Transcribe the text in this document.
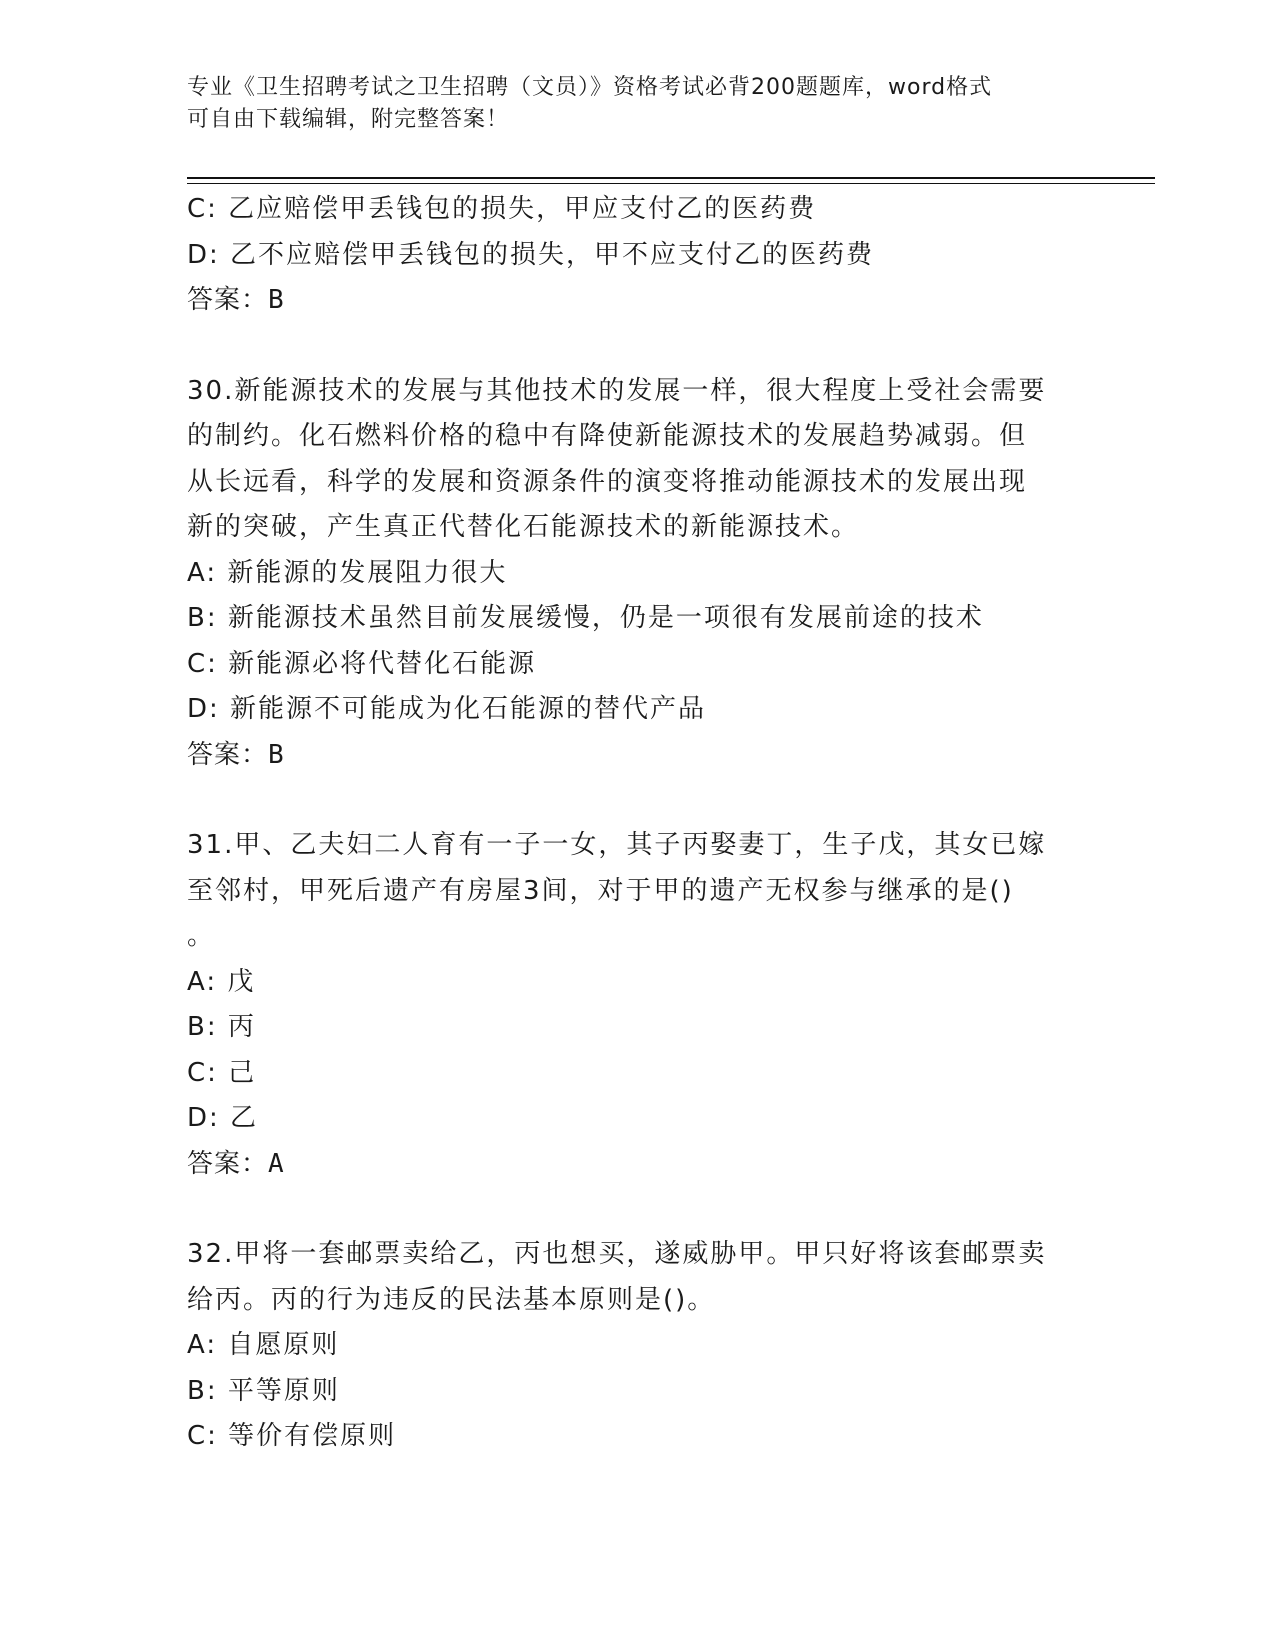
专业《卫生招聘考试之卫生招聘（文员）》资格考试必背200题题库，word格式
可自由下载编辑，附完整答案！
C: 乙应赔偿甲丢钱包的损失，甲应支付乙的医药费
D: 乙不应赔偿甲丢钱包的损失，甲不应支付乙的医药费
答案：B
30.新能源技术的发展与其他技术的发展一样，很大程度上受社会需要
的制约。化石燃料价格的稳中有降使新能源技术的发展趋势减弱。但
从长远看，科学的发展和资源条件的演变将推动能源技术的发展出现
新的突破，产生真正代替化石能源技术的新能源技术。
A: 新能源的发展阻力很大
B: 新能源技术虽然目前发展缓慢，仍是一项很有发展前途的技术
C: 新能源必将代替化石能源
D: 新能源不可能成为化石能源的替代产品
答案：B
31.甲、乙夫妇二人育有一子一女，其子丙娶妻丁，生子戊，其女已嫁
至邻村，甲死后遗产有房屋3间，对于甲的遗产无权参与继承的是()
。
A: 戊
B: 丙
C: 己
D: 乙
答案：A
32.甲将一套邮票卖给乙，丙也想买，遂威胁甲。甲只好将该套邮票卖
给丙。丙的行为违反的民法基本原则是()。
A: 自愿原则
B: 平等原则
C: 等价有偿原则
